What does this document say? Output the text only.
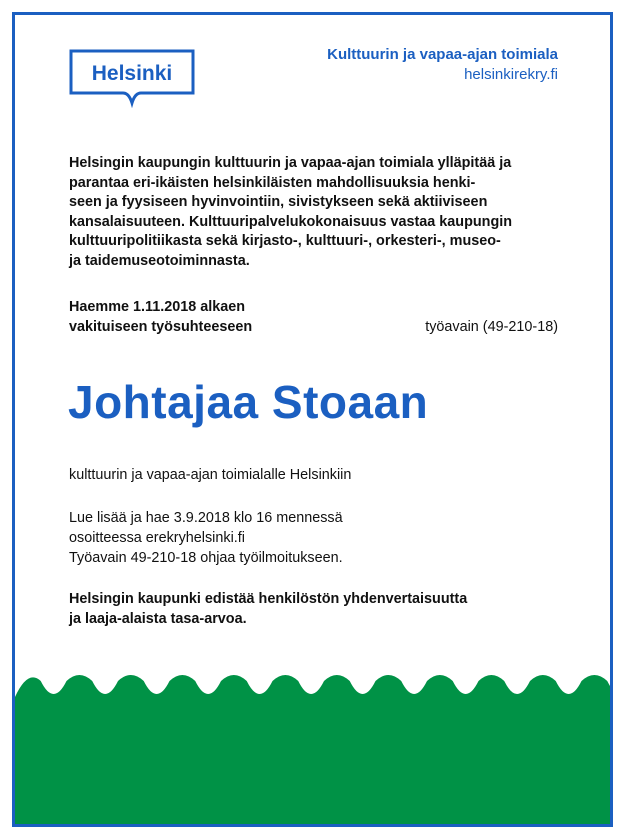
Helsinki
Kulttuurin ja vapaa-ajan toimiala
helsinkirekry.fi

Helsingin kaupungin kulttuurin ja vapaa-ajan toimiala ylläpitää ja
parantaa eri-ikäisten helsinkiläisten mahdollisuuksia henki-
seen ja fyysiseen hyvinvointiin, sivistykseen sekä aktiiviseen
kansalaisuuteen. Kulttuuripalvelukokonaisuus vastaa kaupungin
kulttuuripolitiikasta sekä kirjasto-, kulttuuri-, orkesteri-, museo-
ja taidemuseotoiminnasta.

Haemme 1.11.2018 alkaen
vakituiseen työsuhteeseen	työavain (49-210-18)
Johtajaa Stoaan
kulttuurin ja vapaa-ajan toimialalle Helsinkiin
Lue lisää ja hae 3.9.2018 klo 16 mennessä
osoitteessa erekryhelsinki.fi
Työavain 49-210-18 ohjaa työilmoitukseen.
Helsingin kaupunki edistää henkilöstön yhdenvertaisuutta
ja laaja-alaista tasa-arvoa.
